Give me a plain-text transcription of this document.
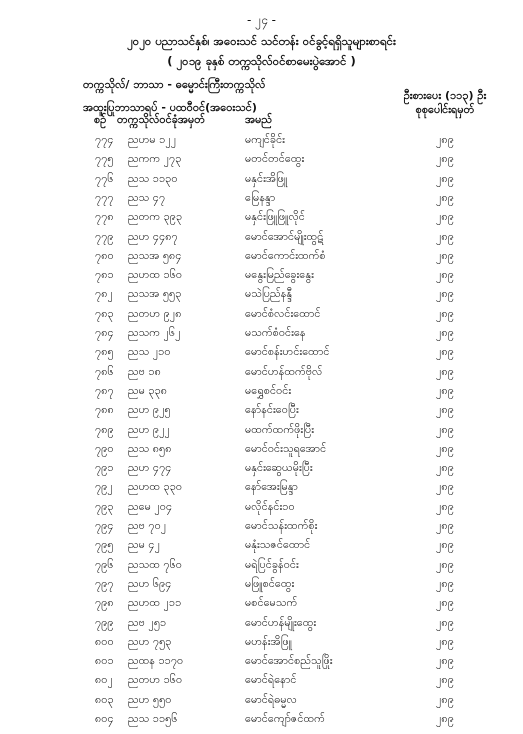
- ၂၄ -
၂၀၂၀ ပညာသင်နှစ်၊ အဝေးသင် သင်တန်း ဝင်ခွင့်ရရှိသူများစာရင်း
( ၂၀၁၉ ခုနှစ် တက္ကသိုလ်ဝင်စာမေးပွဲအောင် )
တက္ကသိုလ်/ ဘာသာ - ဓမ္မောင်းကြီးတက္ကသိုလ်
အထူးပြုဘာသာရပ် - ပထဝီဝင်(အဝေးသင်)
ဦးစားပေး (၁၁၃) ဦး
စုစုပေါင်းရမှတ်
စဉ် တက္ကသိုလ်ဝင်ခုံအမှတ်	အမည်
၇၇၄ ညဟမ ၁၂၂	မကျင်ခိုင်း	၂၈၉
၇၇၅ ညကက ၂၇၃	မတင်တင်ထွေး	၂၈၉
၇၇၆ ညသ ၁၁၃၀	မနှင်းအိဖြူ	၂၈၉
၇၇၇ ညသ ၄၇	မြေနန္ဒာ	၂၈၉
၇၇၈ ညတက ၃၉၃	မနှင်းဖြူဖြူလိုင်	၂၈၉
၇၇၉ ညဟ ၄၄၈၇	မောင်အောင်မျိုးထွဋ်	၂၈၉
၇၈၀ ညသအ ၅၈၄	မောင်ကောင်းထက်စံ	၂၈၉
၇၈၁ ညဟထ ၁၆၀	မနွေးမြည်ခွေးနွေး	၂၈၉
၇၈၂ ညသအ ၅၅၃	မသဲပြည်နန္ဒီ	၂၈၉
၇၈၃ ညတဟ ၉၂၈	မောင်စံလင်းထောင်	၂၈၉
၇၈၄ ညသက ၂၆၂	မသက်စံဝင်းနေ	၂၈၉
၇၈၅ ညသ ၂၁၀	မောင်စန်းဟင်းထောင်	၂၈၉
၇၈၆ ညဗ ၁၈	မောင်ဟန်ထက်ဗိုလ်	၂၈၉
၇၈၇ ညမ ၃၃၈	မရွှေစင်ဝင်း	၂၈၉
၇၈၈ ညဟ ၉၂၅	နော်နင်းဝေပြီး	၂၈၉
၇၈၉ ညဟ ၉၂၂	မထက်ထက်ဖိုးပြီး	၂၈၉
၇၉၀ ညသ ၈၅၈	မောင်ဝင်းသူရအောင်	၂၈၉
၇၉၁ ညဟ ၄၇၄	မနှင်းဆွေယမိုးပြီး	၂၈၉
၇၉၂ ညဟထ ၃၃၀	နော်အေးမြန္ဒာ	၂၈၉
၇၉၃ ညမေ ၂၀၄	မလိုင်နင်း၁၀	၂၈၉
၇၉၄ ညဗ ၇၀၂	မောင်သန်းထက်စိုး	၂၈၉
၇၉၅ ညမ ၄၂	မနုံးသဇင်ထောင်	၂၈၉
၇၉၆ ညသထ ၇၆၀	မရဲပြင်ခွန်ဝင်း	၂၈၉
၇၉၇ ညဟ ၆၉၄	မဖြူစင်ထွေး	၂၈၉
၇၉၈ ညဟထ ၂၁၁	မစင်မေသက်	၂၈၉
၇၉၉ ညဗ ၂၅၁	မောင်ဟန်မျိုးထွေး	၂၈၉
၈၀၀ ညဟ ၇၅၃	မဟန်းအိဖြူ	၂၈၉
၈၀၁ ညထန ၁၁၇၀	မောင်အောင်စည်သူဖြိုး	၂၈၉
၈၀၂ ညတဟ ၁၆၀	မောင်ရဲနောင်	၂၈၉
၈၀၃ ညဟ ၅၅၀	မောင်ရဲဓမ္မလ	၂၈၉
၈၀၄ ညသ ၁၁၅၆	မောင်ကျော်ဇင်ထက်	၂၈၉
